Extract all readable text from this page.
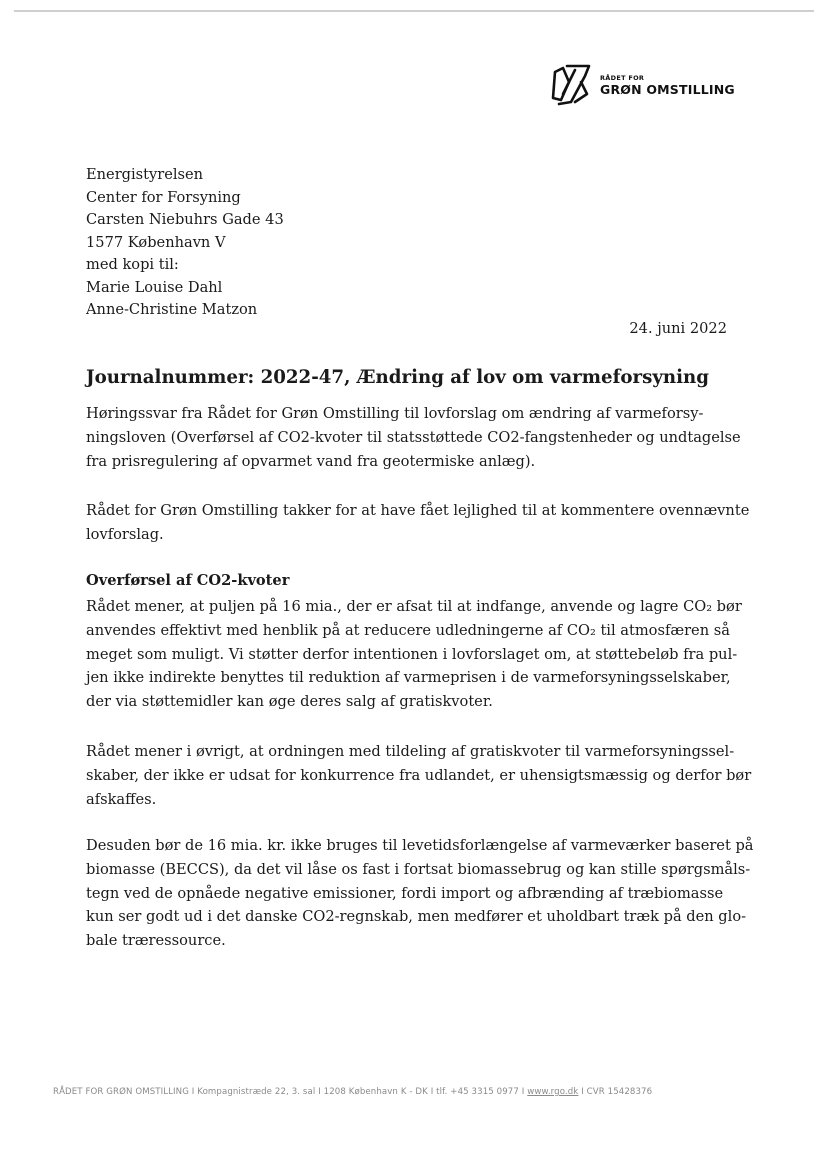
RÅDET FOR
GRØN OMSTILLING
Energistyrelsen
Center for Forsyning
Carsten Niebuhrs Gade 43
1577 København V
med kopi til:
Marie Louise Dahl
Anne-Christine Matzon
24. juni 2022
Journalnummer: 2022-47, Ændring af lov om varmeforsyning
Høringssvar fra Rådet for Grøn Omstilling til lovforslag om ændring af varmeforsy-
ningsloven (Overførsel af CO2-kvoter til statsstøttede CO2-fangstenheder og undtagelse
fra prisregulering af opvarmet vand fra geotermiske anlæg).
Rådet for Grøn Omstilling takker for at have fået lejlighed til at kommentere ovennævnte
lovforslag.
Overførsel af CO2-kvoter
Rådet mener, at puljen på 16 mia., der er afsat til at indfange, anvende og lagre CO₂ bør
anvendes effektivt med henblik på at reducere udledningerne af CO₂ til atmosfæren så
meget som muligt. Vi støtter derfor intentionen i lovforslaget om, at støttebeløb fra pul-
jen ikke indirekte benyttes til reduktion af varmeprisen i de varmeforsyningsselskaber,
der via støttemidler kan øge deres salg af gratiskvoter.
Rådet mener i øvrigt, at ordningen med tildeling af gratiskvoter til varmeforsyningssel-
skaber, der ikke er udsat for konkurrence fra udlandet, er uhensigtsmæssig og derfor bør
afskaffes.
Desuden bør de 16 mia. kr. ikke bruges til levetidsforlængelse af varmeværker baseret på
biomasse (BECCS), da det vil låse os fast i fortsat biomassebrug og kan stille spørgsmåls-
tegn ved de opnåede negative emissioner, fordi import og afbrænding af træbiomasse
kun ser godt ud i det danske CO2-regnskab, men medfører et uholdbart træk på den glo-
bale træressource.
RÅDET FOR GRØN OMSTILLING I Kompagnistræde 22, 3. sal I 1208 København K - DK I tlf. +45 3315 0977 I www.rgo.dk I CVR 15428376
